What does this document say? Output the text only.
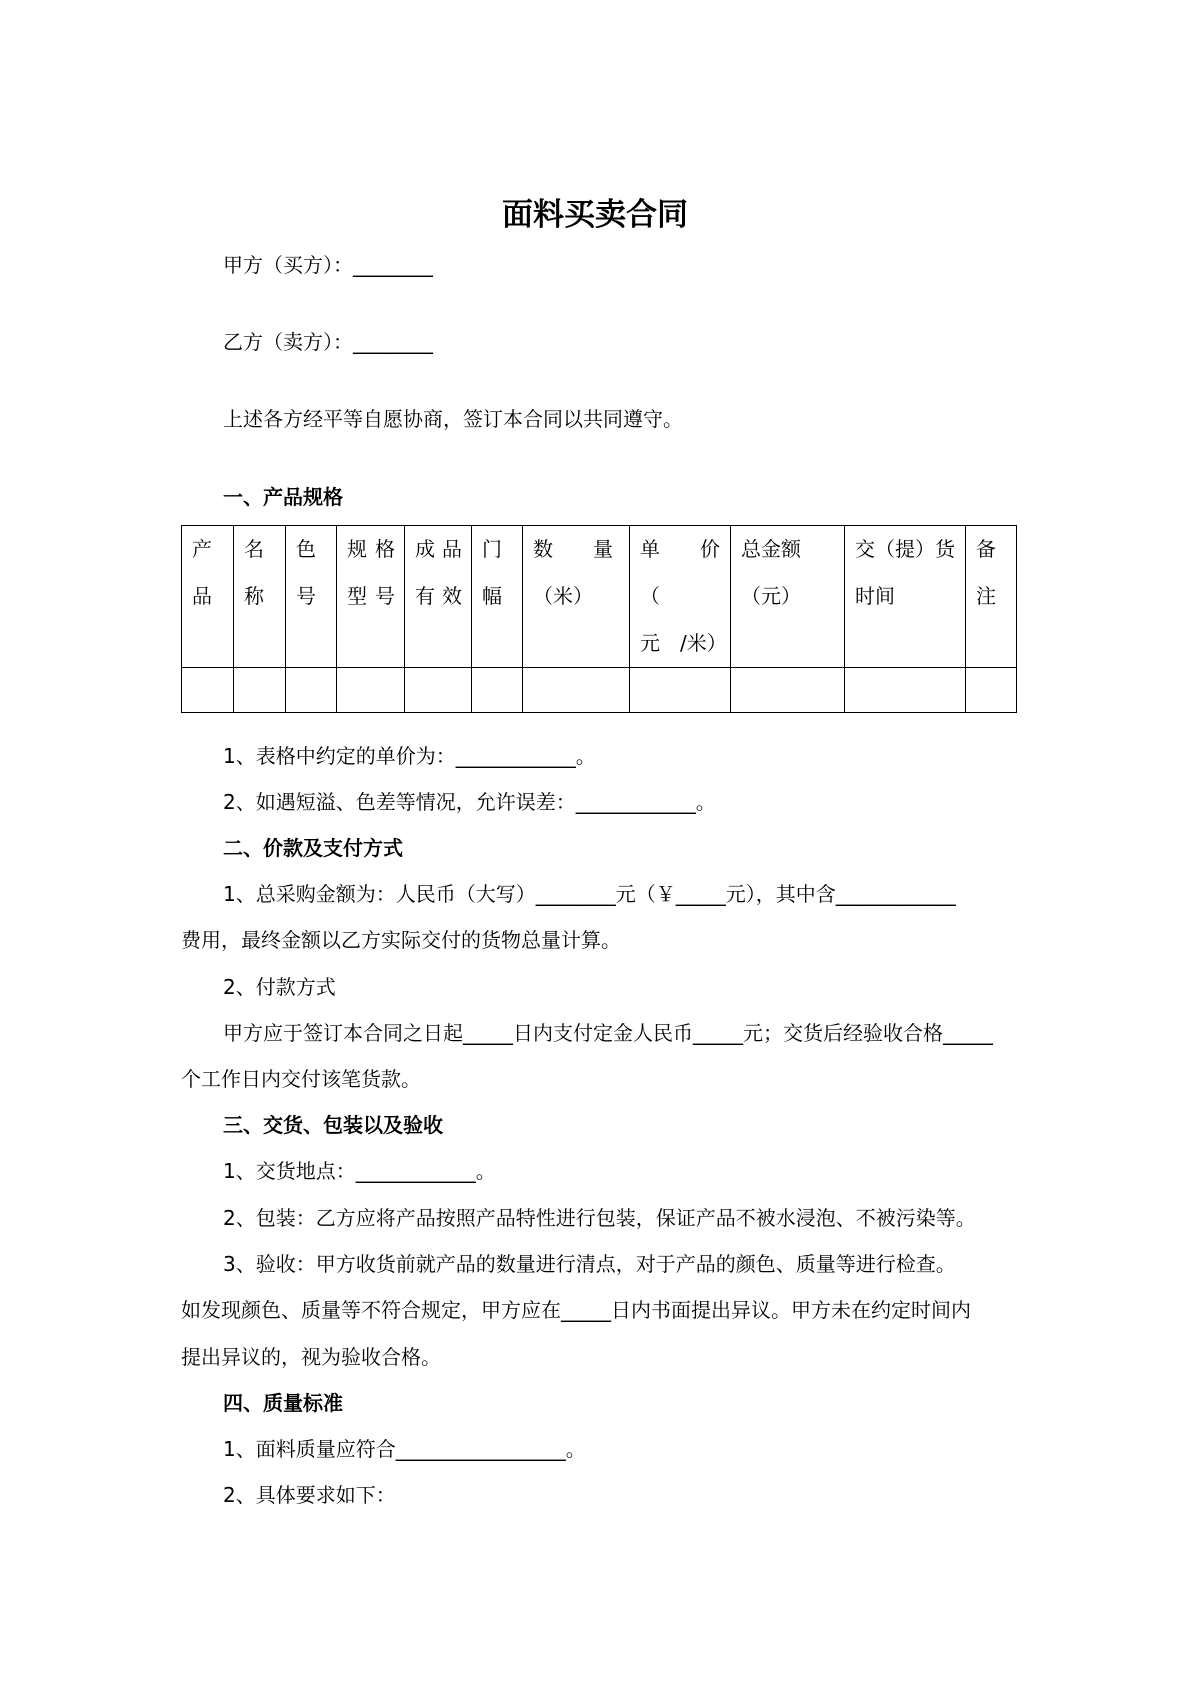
面料买卖合同
甲方（买方）：________
乙方（卖方）：________
上述各方经平等自愿协商，签订本合同以共同遵守。
一、产品规格
产品	名称	色号	规格型号	成品有效	门幅	数　　量（米）	单　　价（　元　/米）	总金额（元）	交（提）货时间	备注

1、表格中约定的单价为：____________。
2、如遇短溢、色差等情况，允许误差：____________。
二、价款及支付方式
1、总采购金额为：人民币（大写）________元（￥_____元），其中含____________
费用，最终金额以乙方实际交付的货物总量计算。
2、付款方式
甲方应于签订本合同之日起_____日内支付定金人民币_____元；交货后经验收合格_____
个工作日内交付该笔货款。
三、交货、包装以及验收
1、交货地点：____________。
2、包装：乙方应将产品按照产品特性进行包装，保证产品不被水浸泡、不被污染等。
3、验收：甲方收货前就产品的数量进行清点，对于产品的颜色、质量等进行检查。
如发现颜色、质量等不符合规定，甲方应在_____日内书面提出异议。甲方未在约定时间内
提出异议的，视为验收合格。
四、质量标准
1、面料质量应符合_________________。
2、具体要求如下：
